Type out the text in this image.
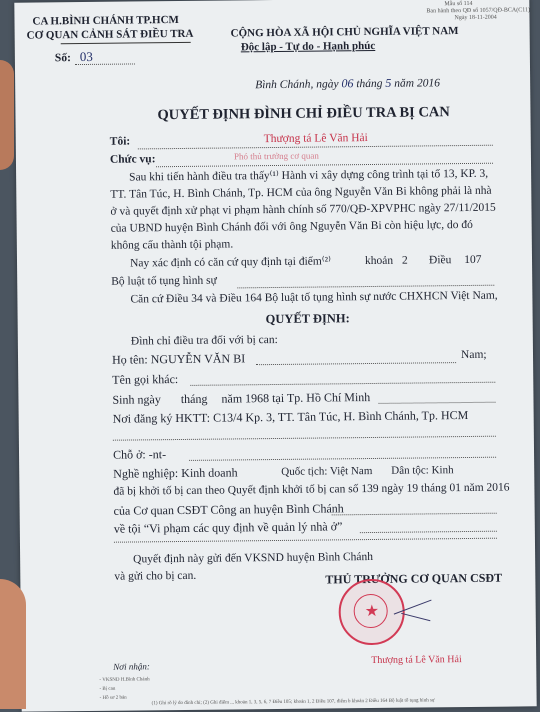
CA H.BÌNH CHÁNH TP.HCM
CƠ QUAN CẢNH SÁT ĐIỀU TRA
Số: 03
Mẫu số 114
Ban hành theo QĐ số 1057/QĐ-BCA(C11)
Ngày 18-11-2004
CỘNG HÒA XÃ HỘI CHỦ NGHĨA VIỆT NAM
Độc lập - Tự do - Hạnh phúc
Bình Chánh, ngày 06 tháng 5 năm 2016
QUYẾT ĐỊNH ĐÌNH CHỈ ĐIỀU TRA BỊ CAN
Tôi:	Thượng tá Lê Văn Hải
Chức vụ:	Phó thủ trưởng cơ quan
Sau khi tiến hành điều tra thấy⁽¹⁾ Hành vi xây dựng công trình tại tổ 13, KP. 3,
TT. Tân Túc, H. Bình Chánh, Tp. HCM của ông Nguyễn Văn Bi không phải là nhà
ở và quyết định xử phạt vi phạm hành chính số 770/QĐ-XPVPHC ngày 27/11/2015
của UBND huyện Bình Chánh đối với ông Nguyễn Văn Bi còn hiệu lực, do đó
không cấu thành tội phạm.
Nay xác định có căn cứ quy định tại điểm⁽²⁾	khoản 2 Điều 107
Bộ luật tố tụng hình sự
Căn cứ Điều 34 và Điều 164 Bộ luật tố tụng hình sự nước CHXHCN Việt Nam,
QUYẾT ĐỊNH:
Đình chỉ điều tra đối với bị can:
Họ tên: NGUYỄN VĂN BI	Nam;
Tên gọi khác:
Sinh ngày tháng năm 1968 tại Tp. Hồ Chí Minh
Nơi đăng ký HKTT: C13/4 Kp. 3, TT. Tân Túc, H. Bình Chánh, Tp. HCM
Chỗ ở: -nt-
Nghề nghiệp: Kinh doanh	Quốc tịch: Việt Nam Dân tộc: Kinh
đã bị khởi tố bị can theo Quyết định khởi tố bị can số 139 ngày 19 tháng 01 năm 2016
của Cơ quan CSĐT Công an huyện Bình Chánh
về tội “Vi phạm các quy định về quản lý nhà ở”
Quyết định này gửi đến VKSND huyện Bình Chánh
và gửi cho bị can.	THỦ TRƯỞNG CƠ QUAN CSĐT
★
Thượng tá Lê Văn Hải
Nơi nhận:
- VKSND H.Bình Chánh
- Bị can
- Hồ sơ 2 bản
(1) Ghi rõ lý do đình chỉ; (2) Ghi điểm ... khoản 1, 3, 5, 6, 7 Điều 105; khoản 1, 2 Điều 107, điểm b khoản 2 Điều 164 Bộ luật tố tụng hình sự
